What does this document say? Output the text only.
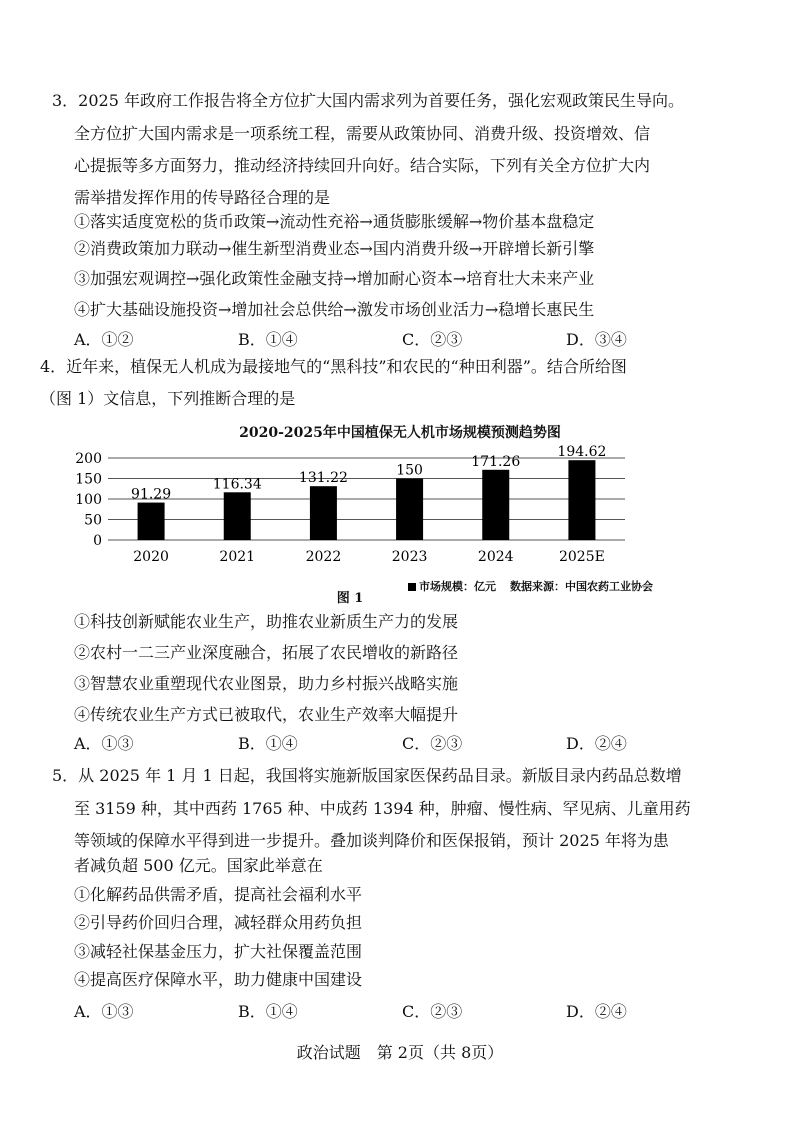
3．2025 年政府工作报告将全方位扩大国内需求列为首要任务，强化宏观政策民生导向。
全方位扩大国内需求是一项系统工程，需要从政策协同、消费升级、投资增效、信
心提振等多方面努力，推动经济持续回升向好。结合实际，下列有关全方位扩大内
需举措发挥作用的传导路径合理的是
①落实适度宽松的货币政策→流动性充裕→通货膨胀缓解→物价基本盘稳定
②消费政策加力联动→催生新型消费业态→国内消费升级→开辟增长新引擎
③加强宏观调控→强化政策性金融支持→增加耐心资本→培育壮大未来产业
④扩大基础设施投资→增加社会总供给→激发市场创业活力→稳增长惠民生
A．①②	B．①④	C．②③	D．③④
4．近年来，植保无人机成为最接地气的“黑科技”和农民的“种田利器”。结合所给图
（图 1）文信息，下列推断合理的是
2020-2025年中国植保无人机市场规模预测趋势图
200
150
100
50
0
91.29
2020
116.34
2021
131.22
2022
150
2023
171.26
2024
194.62
2025E
市场规模：亿元 数据来源：中国农药工业协会
图 1
①科技创新赋能农业生产，助推农业新质生产力的发展
②农村一二三产业深度融合，拓展了农民增收的新路径
③智慧农业重塑现代农业图景，助力乡村振兴战略实施
④传统农业生产方式已被取代，农业生产效率大幅提升
A．①③	B．①④	C．②③	D．②④
5．从 2025 年 1 月 1 日起，我国将实施新版国家医保药品目录。新版目录内药品总数增
至 3159 种，其中西药 1765 种、中成药 1394 种，肿瘤、慢性病、罕见病、儿童用药
等领域的保障水平得到进一步提升。叠加谈判降价和医保报销，预计 2025 年将为患
者减负超 500 亿元。国家此举意在
①化解药品供需矛盾，提高社会福利水平
②引导药价回归合理，减轻群众用药负担
③减轻社保基金压力，扩大社保覆盖范围
④提高医疗保障水平，助力健康中国建设
A．①③	B．①④	C．②③	D．②④
政治试题　第 2页（共 8页）
